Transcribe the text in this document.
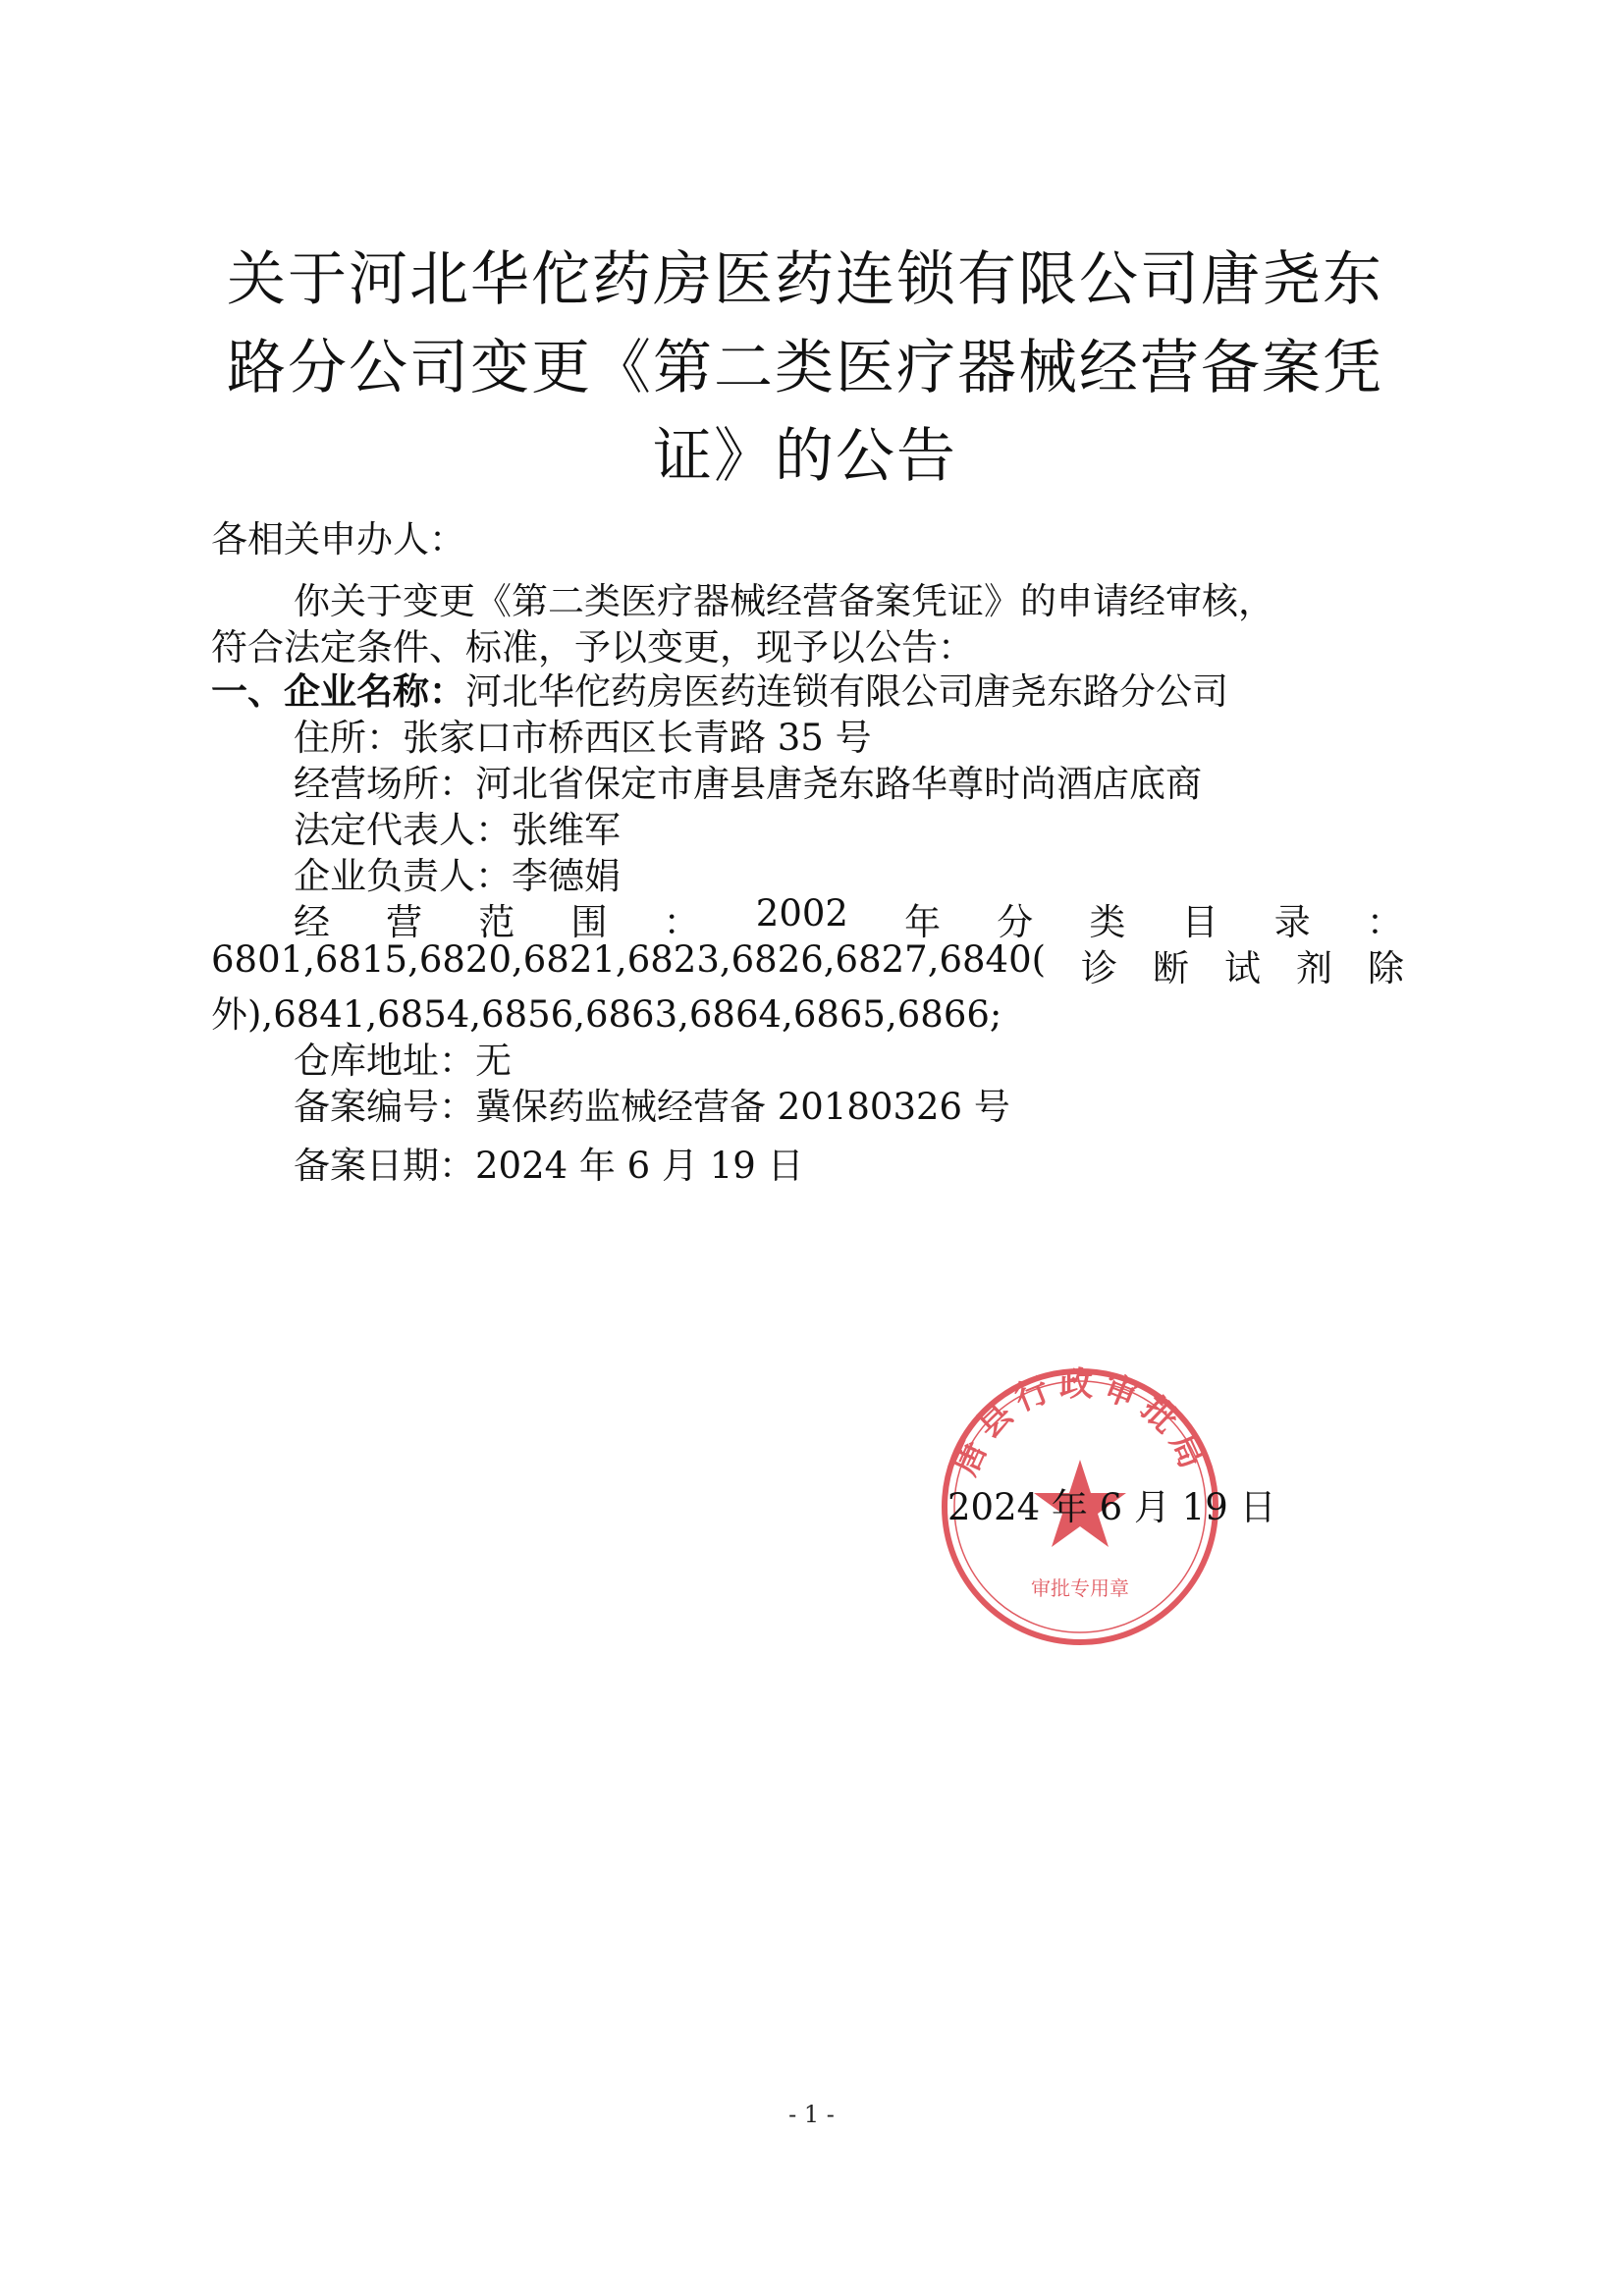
关于河北华佗药房医药连锁有限公司唐尧东
路分公司变更《第二类医疗器械经营备案凭
证》的公告
各相关申办人：
你关于变更《第二类医疗器械经营备案凭证》的申请经审核，
符合法定条件、标准，予以变更，现予以公告：
一、企业名称：河北华佗药房医药连锁有限公司唐尧东路分公司
住所：张家口市桥西区长青路 35 号
经营场所：河北省保定市唐县唐尧东路华尊时尚酒店底商
法定代表人：张维军
企业负责人：李德娟
经 营 范 围 ： 2002 年 分 类 目 录 ：
6801,6815,6820,6821,6823,6826,6827,6840( 诊 断 试 剂 除
外),6841,6854,6856,6863,6864,6865,6866;
仓库地址：无
备案编号：冀保药监械经营备 20180326 号
备案日期：2024 年 6 月 19 日
唐县行政审批局
审批专用章
2024 年 6 月 19 日
- 1 -
